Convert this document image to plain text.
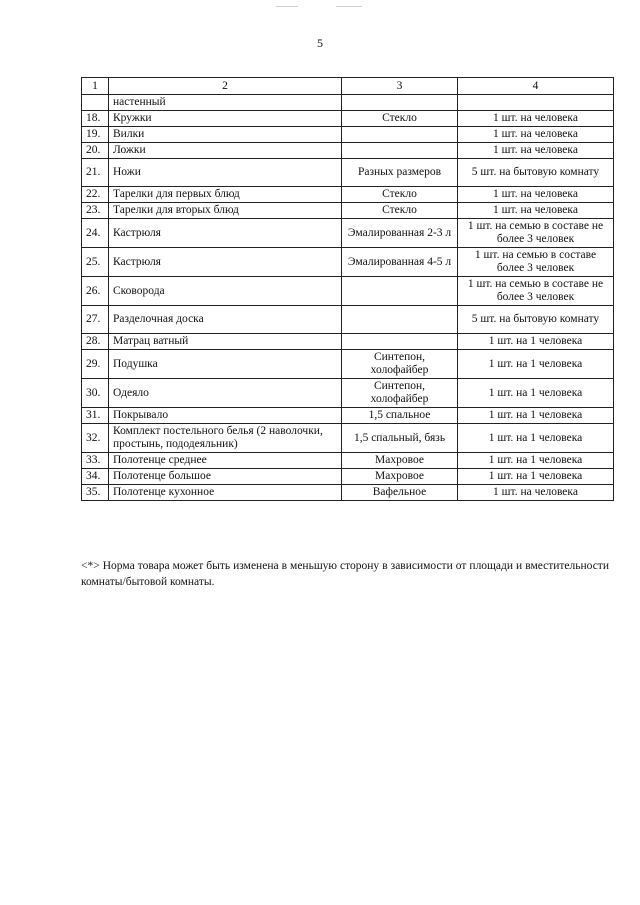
5
1	2	3	4
	настенный		
18.	Кружки	Стекло	1 шт. на человека
19.	Вилки		1 шт. на человека
20.	Ложки		1 шт. на человека
21.	Ножи	Разных размеров	5 шт. на бытовую комнату
22.	Тарелки для первых блюд	Стекло	1 шт. на человека
23.	Тарелки для вторых блюд	Стекло	1 шт. на человека
24.	Кастрюля	Эмалированная 2-3 л	1 шт. на семью в составе не более 3 человек
25.	Кастрюля	Эмалированная 4-5 л	1 шт. на семью в составе более 3 человек
26.	Сковорода		1 шт. на семью в составе не более 3 человек
27.	Разделочная доска		5 шт. на бытовую комнату
28.	Матрац ватный		1 шт. на 1 человека
29.	Подушка	Синтепон, холофайбер	1 шт. на 1 человека
30.	Одеяло	Синтепон, холофайбер	1 шт. на 1 человека
31.	Покрывало	1,5 спальное	1 шт. на 1 человека
32.	Комплект постельного белья (2 наволочки, простынь, пододеяльник)	1,5 спальный, бязь	1 шт. на 1 человека
33.	Полотенце среднее	Махровое	1 шт. на 1 человека
34.	Полотенце большое	Махровое	1 шт. на 1 человека
35.	Полотенце кухонное	Вафельное	1 шт. на человека
<*> Норма товара может быть изменена в меньшую сторону в зависимости от площади и вместительности комнаты/бытовой комнаты.
